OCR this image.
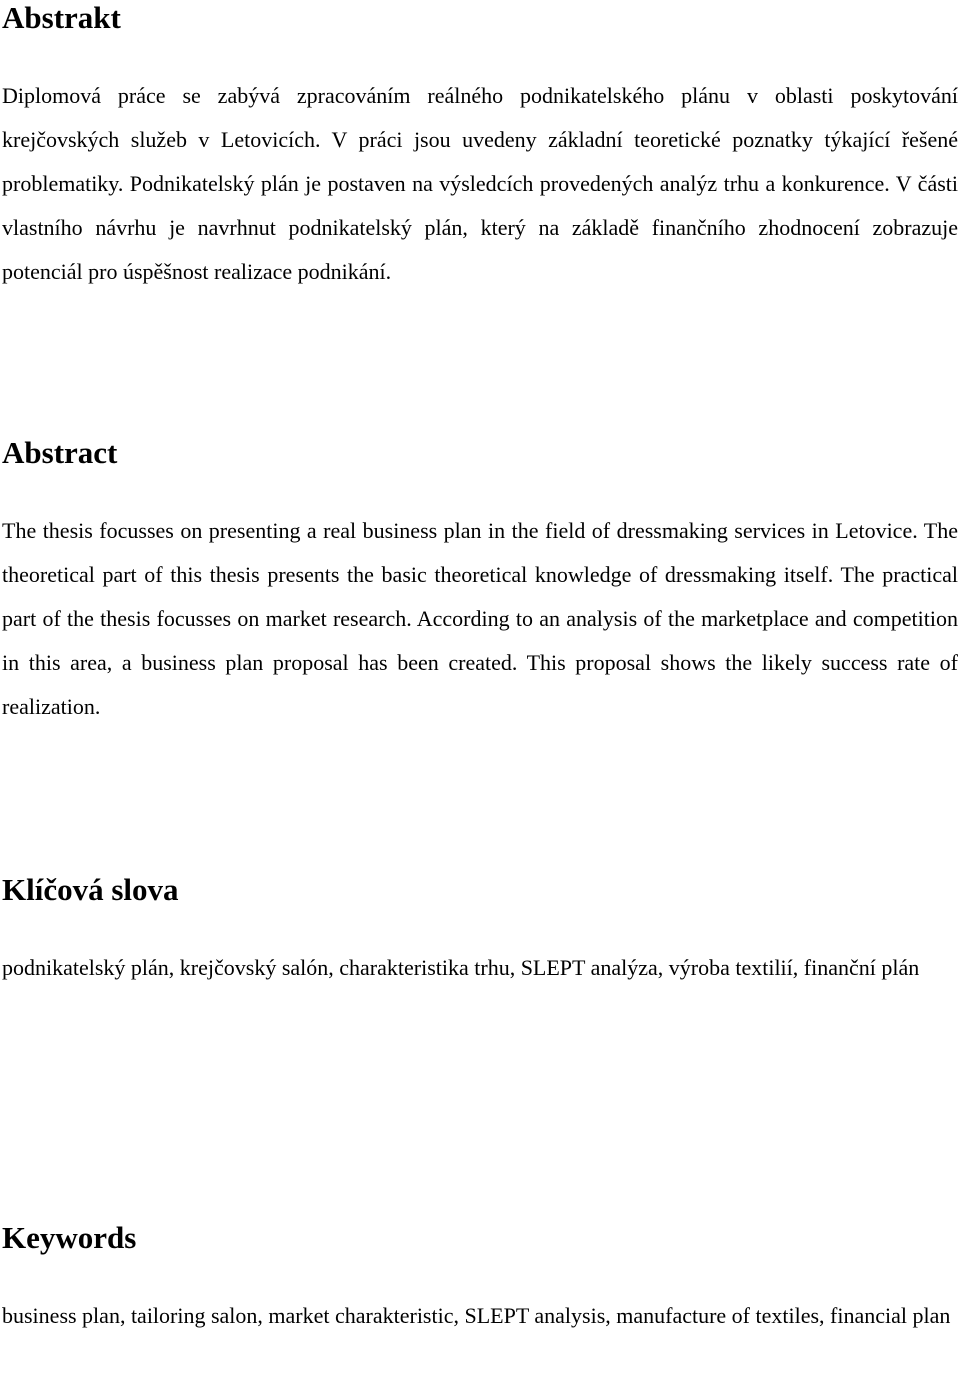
Abstrakt

Diplomová práce se zabývá zpracováním reálného podnikatelského plánu v oblasti poskytování krejčovských služeb v Letovicích. V práci jsou uvedeny základní teoretické poznatky týkající řešené problematiky. Podnikatelský plán je postaven na výsledcích provedených analýz trhu a konkurence. V části vlastního návrhu je navrhnut podnikatelský plán, který na základě finančního zhodnocení zobrazuje potenciál pro úspěšnost realizace podnikání.

Abstract

The thesis focusses on presenting a real business plan in the field of dressmaking services in Letovice. The theoretical part of this thesis presents the basic theoretical knowledge of dressmaking itself. The practical part of the thesis focusses on market research. According to an analysis of the marketplace and competition in this area, a business plan proposal has been created. This proposal shows the likely success rate of realization.

Klíčová slova

podnikatelský plán, krejčovský salón, charakteristika trhu, SLEPT analýza, výroba textilií, finanční plán

Keywords

business plan, tailoring salon, market charakteristic, SLEPT analysis, manufacture of textiles, financial plan
